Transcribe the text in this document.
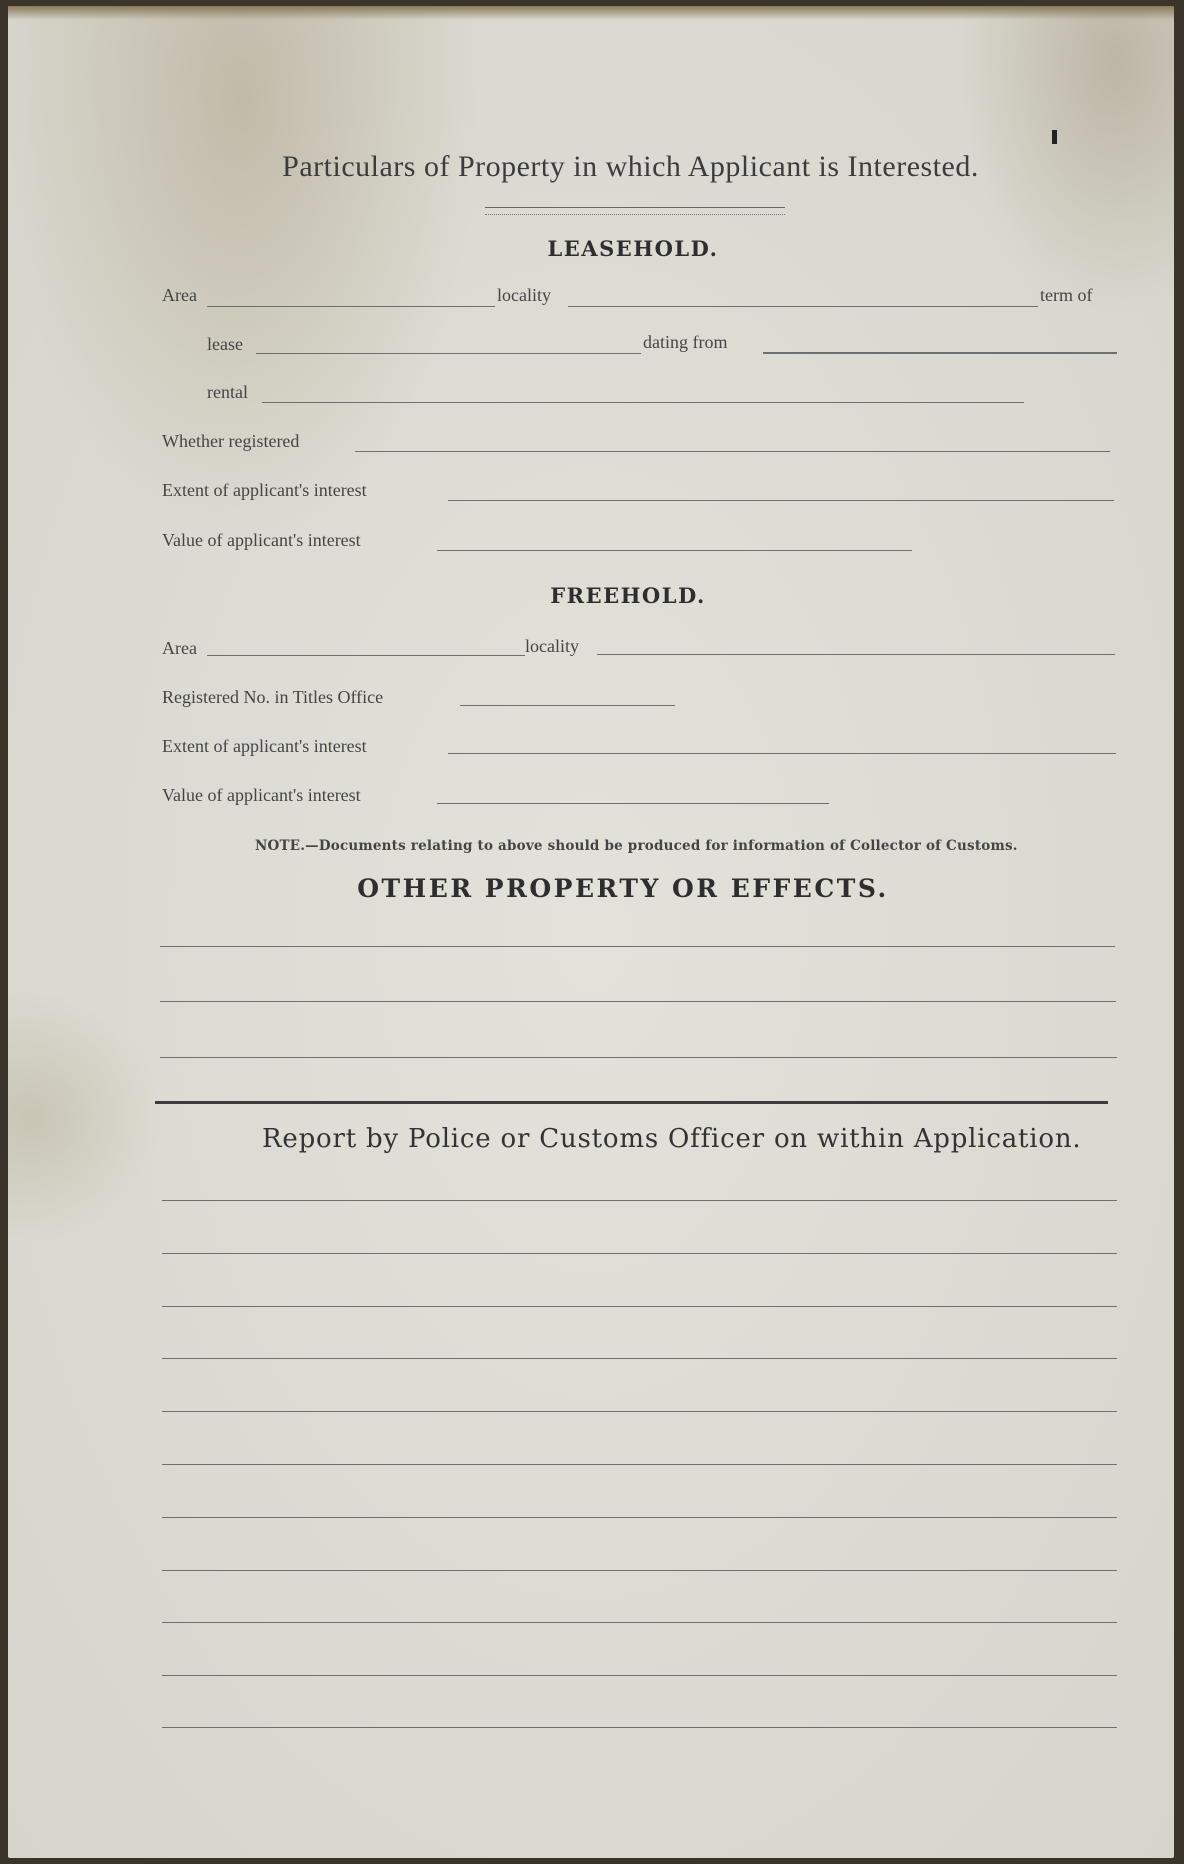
Particulars of Property in which Applicant is Interested.
LEASEHOLD.
Area	locality	term of
lease	dating from
rental
Whether registered
Extent of applicant's interest
Value of applicant's interest
FREEHOLD.
Area	locality
Registered No. in Titles Office
Extent of applicant's interest
Value of applicant's interest
NOTE.—Documents relating to above should be produced for information of Collector of Customs.
OTHER PROPERTY OR EFFECTS.
Report by Police or Customs Officer on within Application.
